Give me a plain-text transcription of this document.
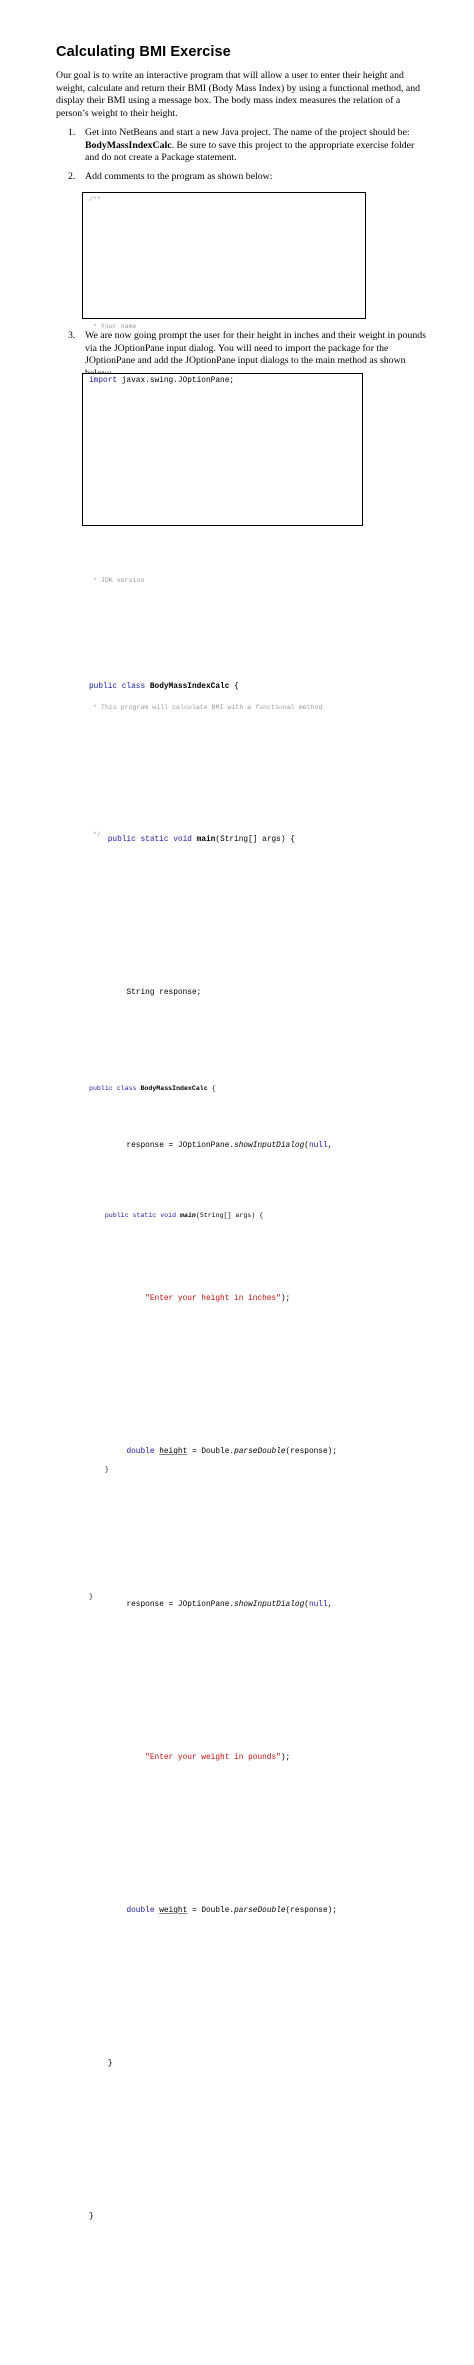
Calculating BMI Exercise
Our goal is to write an interactive program that will allow a user to enter their height and weight, calculate and return their BMI (Body Mass Index) by using a functional method, and display their BMI using a message box. The body mass index measures the relation of a person’s weight to their height.
1. Get into NetBeans and start a new Java project. The name of the project should be: BodyMassIndexCalc. Be sure to save this project to the appropriate exercise folder and do not create a Package statement.
2. Add comments to the program as shown below:
/**
* Your name
* JDK version
* This program will calculate BMI with a functional method
*/

public class BodyMassIndexCalc {
public static void main(String[] args) {

}
}
3. We are now going prompt the user for their height in inches and their weight in pounds via the JOptionPane input dialog. You will need to import the package for the JOptionPane and add the JOptionPane input dialogs to the main method as shown
import javax.swing.JOptionPane;

public class BodyMassIndexCalc {
public static void main(String[] args) {
String response;
response = JOptionPane.showInputDialog(null,
"Enter your height in inches");
double height = Double.parseDouble(response);
response = JOptionPane.showInputDialog(null,
"Enter your weight in pounds");
double weight = Double.parseDouble(response);
}
}
